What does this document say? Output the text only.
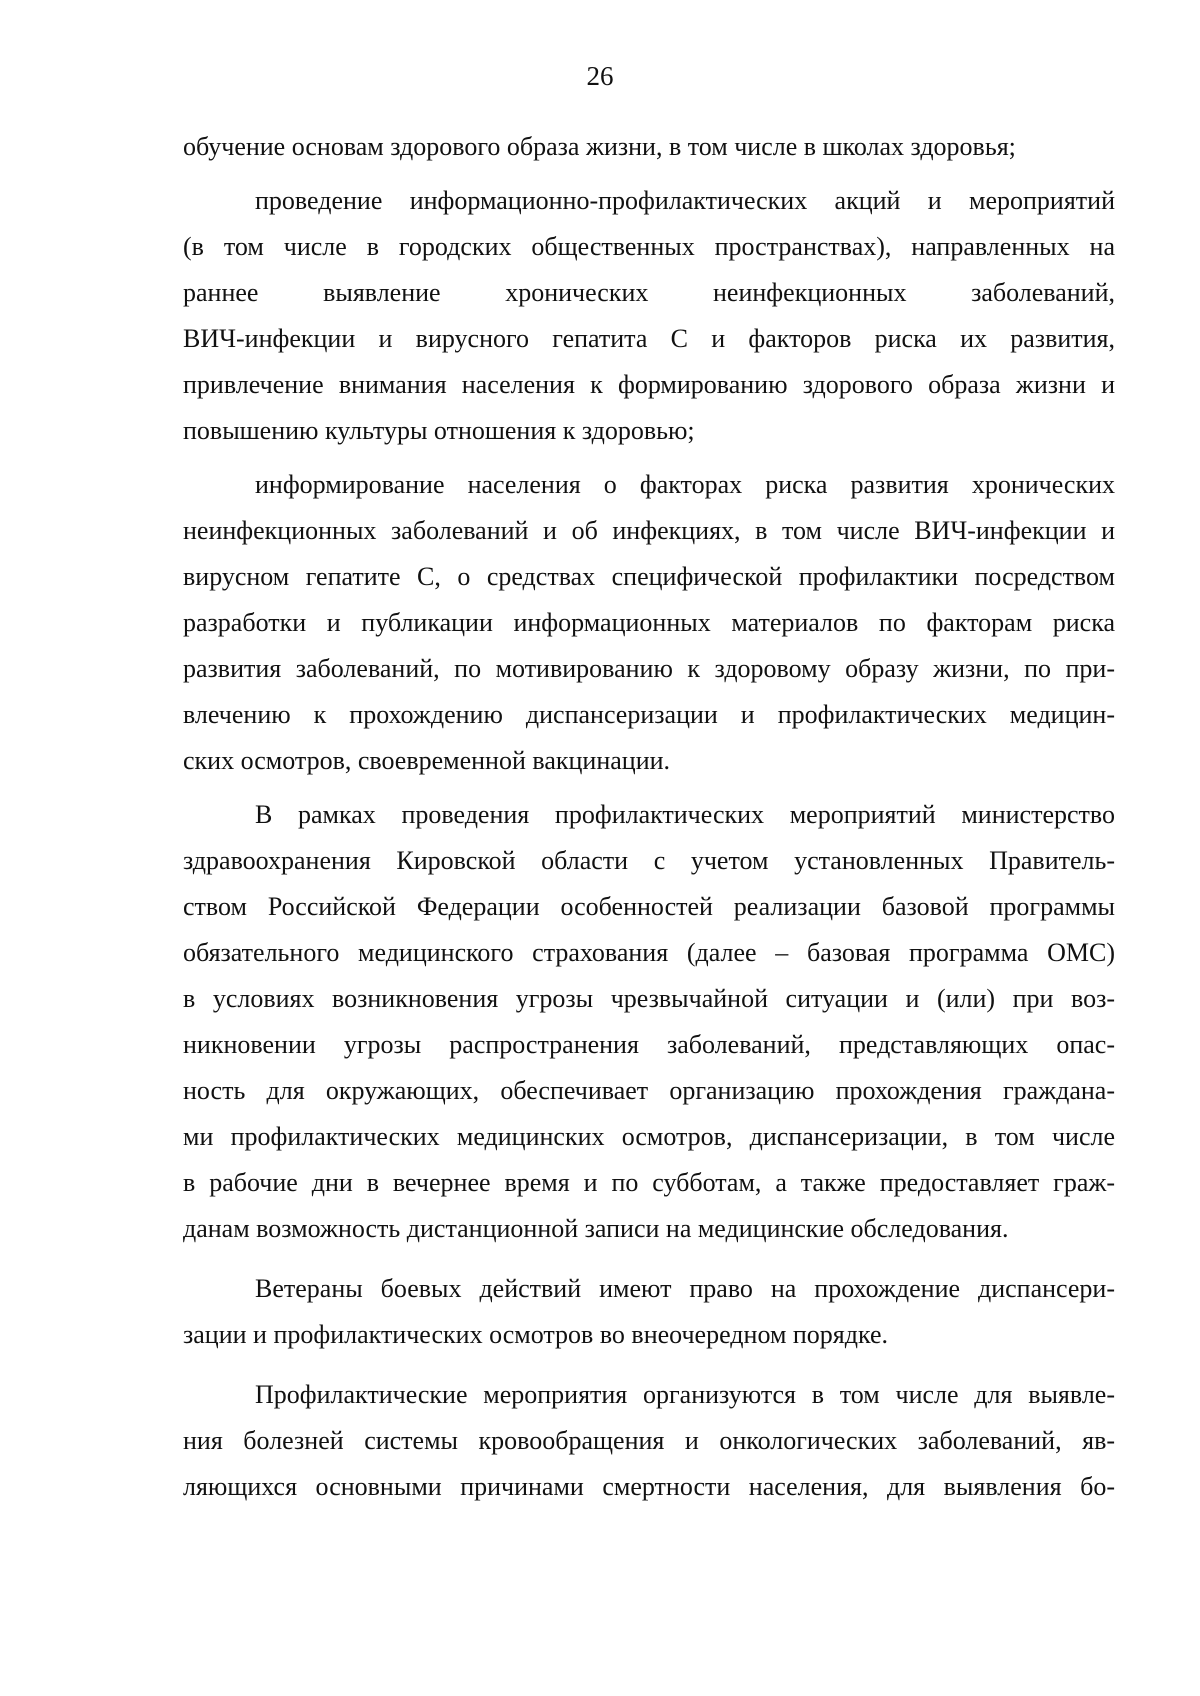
26
обучение основам здорового образа жизни, в том числе в школах здоровья;
проведение информационно-профилактических акций и мероприятий
(в том числе в городских общественных пространствах), направленных на
раннее выявление хронических неинфекционных заболеваний,
ВИЧ-инфекции и вирусного гепатита С и факторов риска их развития,
привлечение внимания населения к формированию здорового образа жизни и
повышению культуры отношения к здоровью;
информирование населения о факторах риска развития хронических
неинфекционных заболеваний и об инфекциях, в том числе ВИЧ-инфекции и
вирусном гепатите С, о средствах специфической профилактики посредством
разработки и публикации информационных материалов по факторам риска
развития заболеваний, по мотивированию к здоровому образу жизни, по при-
влечению к прохождению диспансеризации и профилактических медицин-
ских осмотров, своевременной вакцинации.
В рамках проведения профилактических мероприятий министерство
здравоохранения Кировской области с учетом установленных Правитель-
ством Российской Федерации особенностей реализации базовой программы
обязательного медицинского страхования (далее – базовая программа ОМС)
в условиях возникновения угрозы чрезвычайной ситуации и (или) при воз-
никновении угрозы распространения заболеваний, представляющих опас-
ность для окружающих, обеспечивает организацию прохождения граждана-
ми профилактических медицинских осмотров, диспансеризации, в том числе
в рабочие дни в вечернее время и по субботам, а также предоставляет граж-
данам возможность дистанционной записи на медицинские обследования.
Ветераны боевых действий имеют право на прохождение диспансери-
зации и профилактических осмотров во внеочередном порядке.
Профилактические мероприятия организуются в том числе для выявле-
ния болезней системы кровообращения и онкологических заболеваний, яв-
ляющихся основными причинами смертности населения, для выявления бо-
